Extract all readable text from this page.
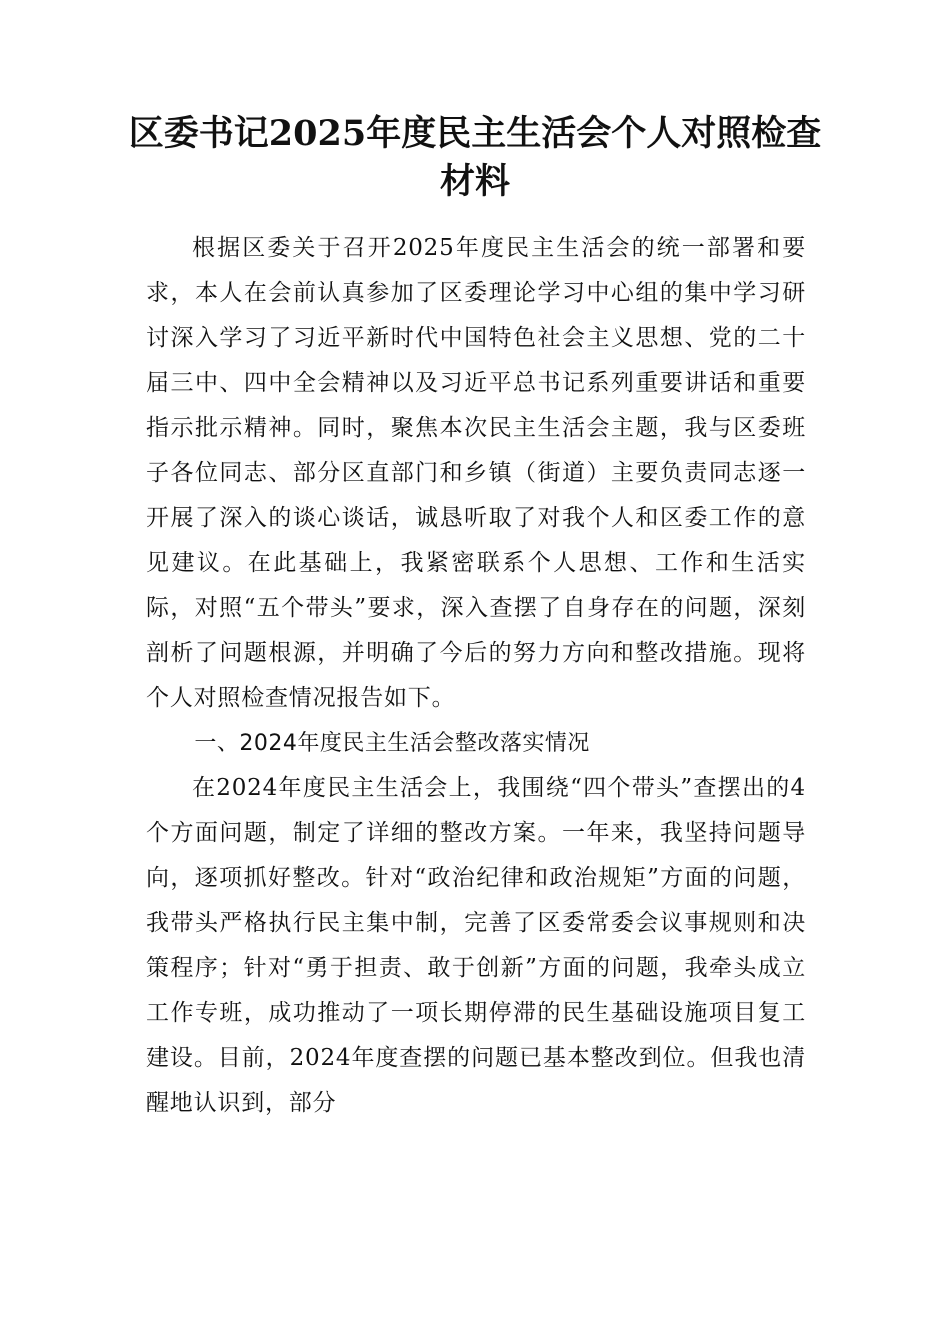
区委书记2025年度民主生活会个人对照检查材料

根据区委关于召开2025年度民主生活会的统一部署和要求，本人在会前认真参加了区委理论学习中心组的集中学习研讨深入学习了习近平新时代中国特色社会主义思想、党的二十届三中、四中全会精神以及习近平总书记系列重要讲话和重要指示批示精神。同时，聚焦本次民主生活会主题，我与区委班子各位同志、部分区直部门和乡镇（街道）主要负责同志逐一开展了深入的谈心谈话，诚恳听取了对我个人和区委工作的意见建议。在此基础上，我紧密联系个人思想、工作和生活实际，对照“五个带头”要求，深入查摆了自身存在的问题，深刻剖析了问题根源，并明确了今后的努力方向和整改措施。现将个人对照检查情况报告如下。

一、2024年度民主生活会整改落实情况

在2024年度民主生活会上，我围绕“四个带头”查摆出的4个方面问题，制定了详细的整改方案。一年来，我坚持问题导向，逐项抓好整改。针对“政治纪律和政治规矩”方面的问题，我带头严格执行民主集中制，完善了区委常委会议事规则和决策程序；针对“勇于担责、敢于创新”方面的问题，我牵头成立工作专班，成功推动了一项长期停滞的民生基础设施项目复工建设。目前，2024年度查摆的问题已基本整改到位。但我也清醒地认识到，部分
